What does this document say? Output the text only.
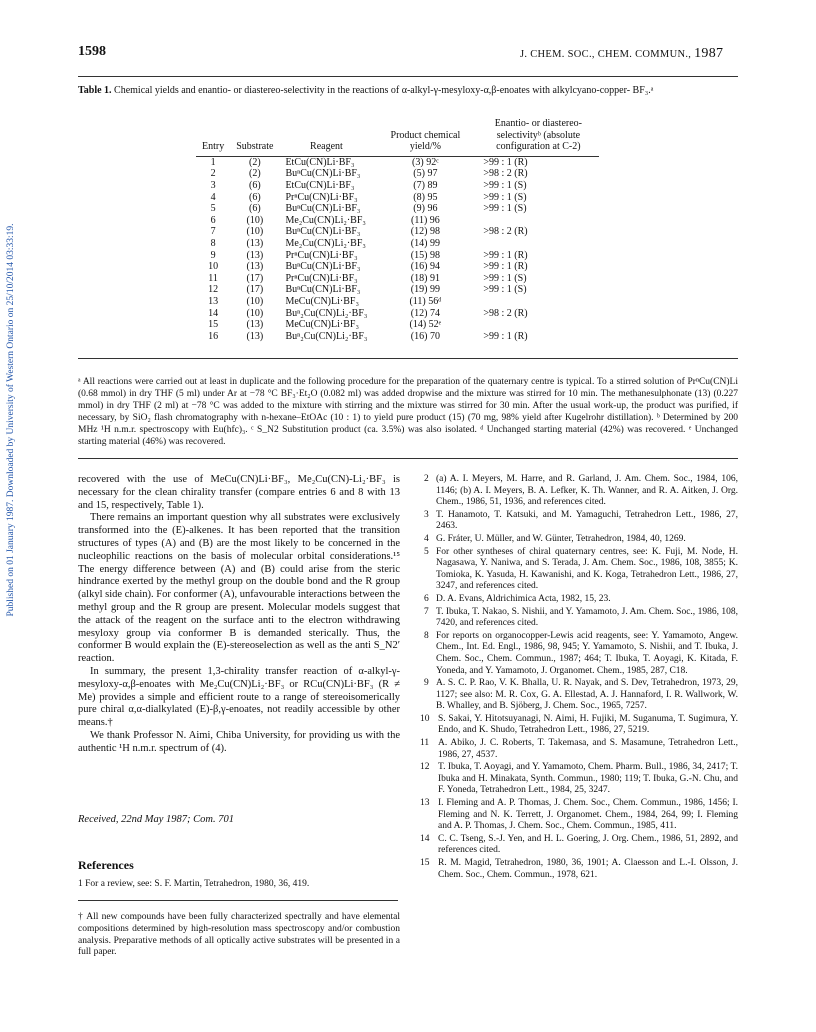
1598	J. CHEM. SOC., CHEM. COMMUN., 1987
Published on 01 January 1987. Downloaded by University of Western Ontario on 25/10/2014 03:33:19.
Table 1. Chemical yields and enantio- or diastereo-selectivity in the reactions of α-alkyl-γ-mesyloxy-α,β-enoates with alkylcyano-copper- BF₃.ᵃ
Entry	Substrate	Reagent	Product chemical yield/%	Enantio- or diastereo- selectivityᵇ (absolute configuration at C-2)
1	(2)	EtCu(CN)Li·BF₃	(3) 92ᶜ	>99 : 1 (R)
2	(2)	BuⁿCu(CN)Li·BF₃	(5) 97	>98 : 2 (R)
3	(6)	EtCu(CN)Li·BF₃	(7) 89	>99 : 1 (S)
4	(6)	PrⁿCu(CN)Li·BF₃	(8) 95	>99 : 1 (S)
5	(6)	BuⁿCu(CN)Li·BF₃	(9) 96	>99 : 1 (S)
6	(10)	Me₂Cu(CN)Li₂·BF₃	(11) 96	
7	(10)	BuⁿCu(CN)Li·BF₃	(12) 98	>98 : 2 (R)
8	(13)	Me₂Cu(CN)Li₂·BF₃	(14) 99	
9	(13)	PrⁿCu(CN)Li·BF₃	(15) 98	>99 : 1 (R)
10	(13)	BuⁿCu(CN)Li·BF₃	(16) 94	>99 : 1 (R)
11	(17)	PrⁿCu(CN)Li·BF₃	(18) 91	>99 : 1 (S)
12	(17)	BuⁿCu(CN)Li·BF₃	(19) 99	>99 : 1 (S)
13	(10)	MeCu(CN)Li·BF₃	(11) 56ᵈ	
14	(10)	Buⁿ₂Cu(CN)Li₂·BF₃	(12) 74	>98 : 2 (R)
15	(13)	MeCu(CN)Li·BF₃	(14) 52ᵉ	
16	(13)	Buⁿ₂Cu(CN)Li₂·BF₃	(16) 70	>99 : 1 (R)
ᵃ All reactions were carried out at least in duplicate and the following procedure for the preparation of the quaternary centre is typical. To a stirred solution of PrⁿCu(CN)Li (0.68 mmol) in dry THF (5 ml) under Ar at −78 °C BF₃·Et₂O (0.082 ml) was added dropwise and the mixture was stirred for 10 min. The methanesulphonate (13) (0.227 mmol) in dry THF (2 ml) at −78 °C was added to the mixture with stirring and the mixture was stirred for 30 min. After the usual work-up, the product was purified, if necessary, by SiO₂ flash chromatography with n-hexane–EtOAc (10 : 1) to yield pure product (15) (70 mg, 98% yield after Kugelrohr distillation). ᵇ Determined by 200 MHz ¹H n.m.r. spectroscopy with Eu(hfc)₃. ᶜ S_N2 Substitution product (ca. 3.5%) was also isolated. ᵈ Unchanged starting material (42%) was recovered. ᵉ Unchanged starting material (46%) was recovered.

recovered with the use of MeCu(CN)Li·BF₃, Me₂Cu(CN)-Li₂·BF₃ is necessary for the clean chirality transfer (compare entries 6 and 8 with 13 and 15, respectively, Table 1).

There remains an important question why all substrates were exclusively transformed into the (E)-alkenes. It has been reported that the transition structures of types (A) and (B) are the most likely to be concerned in the nucleophilic reactions on the basis of molecular orbital considerations.¹⁵ The energy difference between (A) and (B) could arise from the steric hindrance exerted by the methyl group on the double bond and the R group (alkyl side chain). For conformer (A), unfavourable interactions between the methyl group and the R group are present. Molecular models suggest that the attack of the reagent on the surface anti to the electron withdrawing mesyloxy group via conformer B is demanded sterically. Thus, the conformer B would explain the (E)-stereoselection as well as the anti S_N2′ reaction.

In summary, the present 1,3-chirality transfer reaction of α-alkyl-γ-mesyloxy-α,β-enoates with Me₂Cu(CN)Li₂·BF₃ or RCu(CN)Li·BF₃ (R ≠ Me) provides a simple and efficient route to a range of stereoisomerically pure chiral α,α-dialkylated (E)-β,γ-enoates, not readily accessible by other means.†

We thank Professor N. Aimi, Chiba University, for providing us with the authentic ¹H n.m.r. spectrum of (4).

Received, 22nd May 1987; Com. 701
References
1 For a review, see: S. F. Martin, Tetrahedron, 1980, 36, 419.
† All new compounds have been fully characterized spectrally and have elemental compositions determined by high-resolution mass spectroscopy and/or combustion analysis. Preparative methods of all optically active substrates will be presented in a full paper.
2 (a) A. I. Meyers, M. Harre, and R. Garland, J. Am. Chem. Soc., 1984, 106, 1146; (b) A. I. Meyers, B. A. Lefker, K. Th. Wanner, and R. A. Aitken, J. Org. Chem., 1986, 51, 1936, and references cited.
3 T. Hanamoto, T. Katsuki, and M. Yamaguchi, Tetrahedron Lett., 1986, 27, 2463.
4 G. Fráter, U. Müller, and W. Günter, Tetrahedron, 1984, 40, 1269.
5 For other syntheses of chiral quaternary centres, see: K. Fuji, M. Node, H. Nagasawa, Y. Naniwa, and S. Terada, J. Am. Chem. Soc., 1986, 108, 3855; K. Tomioka, K. Yasuda, H. Kawanishi, and K. Koga, Tetrahedron Lett., 1986, 27, 3247, and references cited.
6 D. A. Evans, Aldrichimica Acta, 1982, 15, 23.
7 T. Ibuka, T. Nakao, S. Nishii, and Y. Yamamoto, J. Am. Chem. Soc., 1986, 108, 7420, and references cited.
8 For reports on organocopper-Lewis acid reagents, see: Y. Yamamoto, Angew. Chem., Int. Ed. Engl., 1986, 98, 945; Y. Yamamoto, S. Nishii, and T. Ibuka, J. Chem. Soc., Chem. Commun., 1987; 464; T. Ibuka, T. Aoyagi, K. Kitada, F. Yoneda, and Y. Yamamoto, J. Organomet. Chem., 1985, 287, C18.
9 A. S. C. P. Rao, V. K. Bhalla, U. R. Nayak, and S. Dev, Tetrahedron, 1973, 29, 1127; see also: M. R. Cox, G. A. Ellestad, A. J. Hannaford, I. R. Wallwork, W. B. Whalley, and B. Sjöberg, J. Chem. Soc., 1965, 7257.
10 S. Sakai, Y. Hitotsuyanagi, N. Aimi, H. Fujiki, M. Suganuma, T. Sugimura, Y. Endo, and K. Shudo, Tetrahedron Lett., 1986, 27, 5219.
11 A. Abiko, J. C. Roberts, T. Takemasa, and S. Masamune, Tetrahedron Lett., 1986, 27, 4537.
12 T. Ibuka, T. Aoyagi, and Y. Yamamoto, Chem. Pharm. Bull., 1986, 34, 2417; T. Ibuka and H. Minakata, Synth. Commun., 1980; 119; T. Ibuka, G.-N. Chu, and F. Yoneda, Tetrahedron Lett., 1984, 25, 3247.
13 I. Fleming and A. P. Thomas, J. Chem. Soc., Chem. Commun., 1986, 1456; I. Fleming and N. K. Terrett, J. Organomet. Chem., 1984, 264, 99; I. Fleming and A. P. Thomas, J. Chem. Soc., Chem. Commun., 1985, 411.
14 C. C. Tseng, S.-J. Yen, and H. L. Goering, J. Org. Chem., 1986, 51, 2892, and references cited.
15 R. M. Magid, Tetrahedron, 1980, 36, 1901; A. Claesson and L.-I. Olsson, J. Chem. Soc., Chem. Commun., 1978, 621.
